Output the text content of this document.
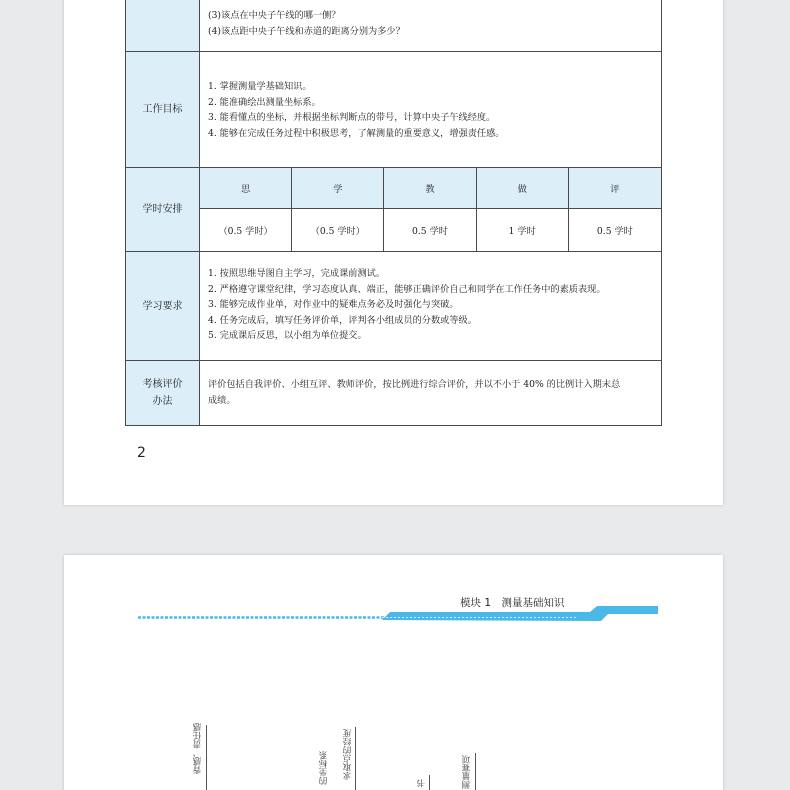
(3)该点在中央子午线的哪一侧？
(4)该点距中央子午线和赤道的距离分别为多少？
工作目标
1. 掌握测量学基础知识。
2. 能准确绘出测量坐标系。
3. 能看懂点的坐标，并根据坐标判断点的带号，计算中央子午线经度。
4. 能够在完成任务过程中积极思考，了解测量的重要意义，增强责任感。
学时安排
思	学	教	做	评
（0.5 学时）	（0.5 学时）	0.5 学时	1 学时	0.5 学时
学习要求
1. 按照思维导图自主学习，完成课前测试。
2. 严格遵守课堂纪律，学习态度认真、端正，能够正确评价自己和同学在工作任务中的素质表现。
3. 能够完成作业单，对作业中的疑难点务必及时强化与突破。
4. 任务完成后，填写任务评价单，评判各小组成员的分数或等级。
5. 完成课后反思，以小组为单位提交。
考核评价
办法
评价包括自我评价、小组互评、教师评价，按比例进行综合评价，并以不小于 40% 的比例计入期末总
成绩。
2
模块 1　测量基础知识
背感，责任感	的坐标系 求取点的经度
书	测量赛项
